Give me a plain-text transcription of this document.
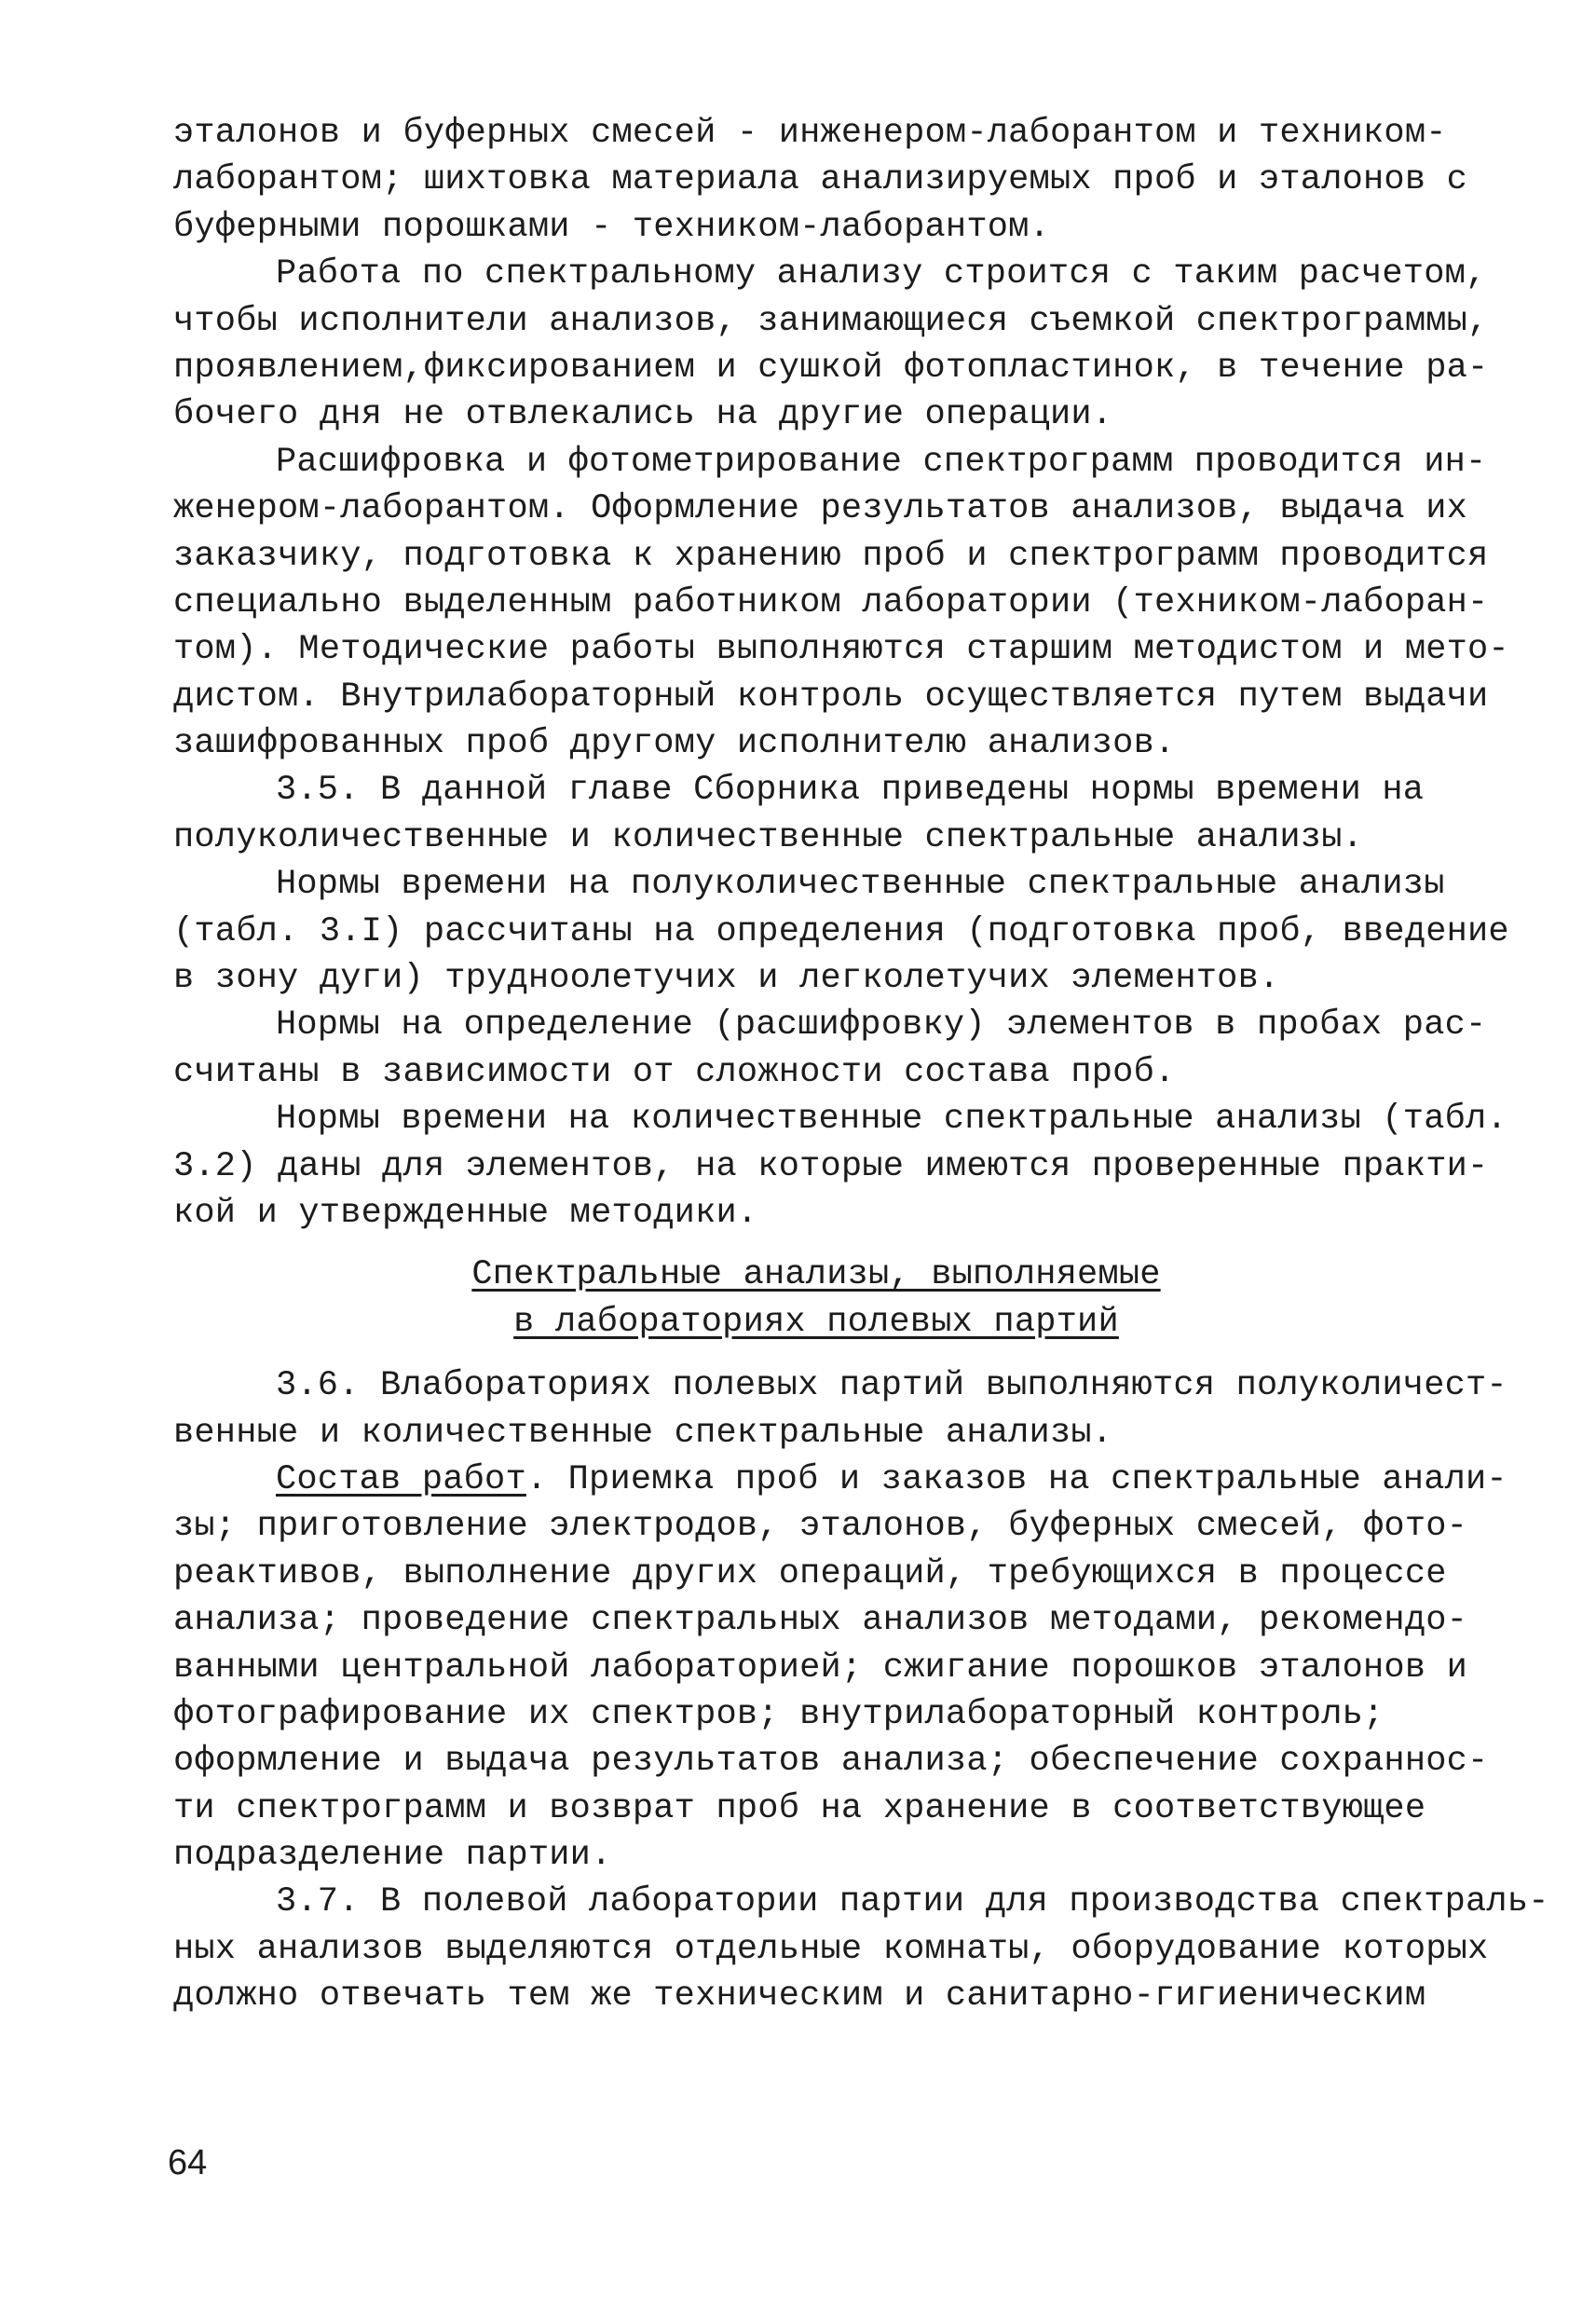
эталонов и буферных смесей - инженером-лаборантом и техником-
лаборантом; шихтовка материала анализируемых проб и эталонов с
буферными порошками - техником-лаборантом.
Работа по спектральному анализу строится с таким расчетом,
чтобы исполнители анализов, занимающиеся съемкой спектрограммы,
проявлением,фиксированием и сушкой фотопластинок, в течение ра-
бочего дня не отвлекались на другие операции.
Расшифровка и фотометрирование спектрограмм проводится ин-
женером-лаборантом. Оформление результатов анализов, выдача их
заказчику, подготовка к хранению проб и спектрограмм проводится
специально выделенным работником лаборатории (техником-лаборан-
том). Методические работы выполняются старшим методистом и мето-
дистом. Внутрилабораторный контроль осуществляется путем выдачи
зашифрованных проб другому исполнителю анализов.
3.5. В данной главе Сборника приведены нормы времени на
полуколичественные и количественные спектральные анализы.
Нормы времени на полуколичественные спектральные анализы
(табл. 3.I) рассчитаны на определения (подготовка проб, введение
в зону дуги) трудноолетучих и легколетучих элементов.
Нормы на определение (расшифровку) элементов в пробах рас-
считаны в зависимости от сложности состава проб.
Нормы времени на количественные спектральные анализы (табл.
3.2) даны для элементов, на которые имеются проверенные практи-
кой и утвержденные методики.
Спектральные анализы, выполняемые
в лабораториях полевых партий
3.6. Влабораториях полевых партий выполняются полуколичест-
венные и количественные спектральные анализы.
Состав работ. Приемка проб и заказов на спектральные анали-
зы; приготовление электродов, эталонов, буферных смесей, фото-
реактивов, выполнение других операций, требующихся в процессе
анализа; проведение спектральных анализов методами, рекомендо-
ванными центральной лабораторией; сжигание порошков эталонов и
фотографирование их спектров; внутрилабораторный контроль;
оформление и выдача результатов анализа; обеспечение сохраннос-
ти спектрограмм и возврат проб на хранение в соответствующее
подразделение партии.
3.7. В полевой лаборатории партии для производства спектраль-
ных анализов выделяются отдельные комнаты, оборудование которых
должно отвечать тем же техническим и санитарно-гигиеническим
64
